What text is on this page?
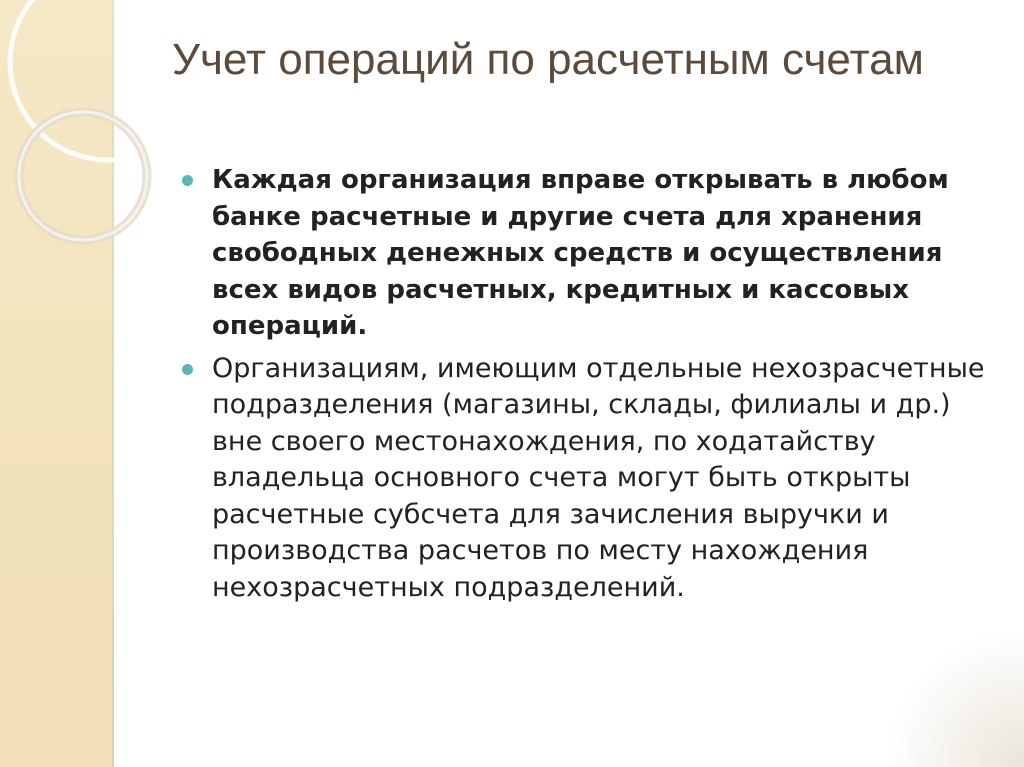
Учет операций по расчетным счетам
Каждая организация вправе открывать в любом банке расчетные и другие счета для хранения свободных денежных средств и осуществления всех видов расчетных, кредитных и кассовых операций.
Организациям, имеющим отдельные нехозрасчетные подразделения (магазины, склады, филиалы и др.) вне своего местонахождения, по ходатайству владельца основного счета могут быть открыты расчетные субсчета для зачисления выручки и производства расчетов по месту нахождения нехозрасчетных подразделений.
